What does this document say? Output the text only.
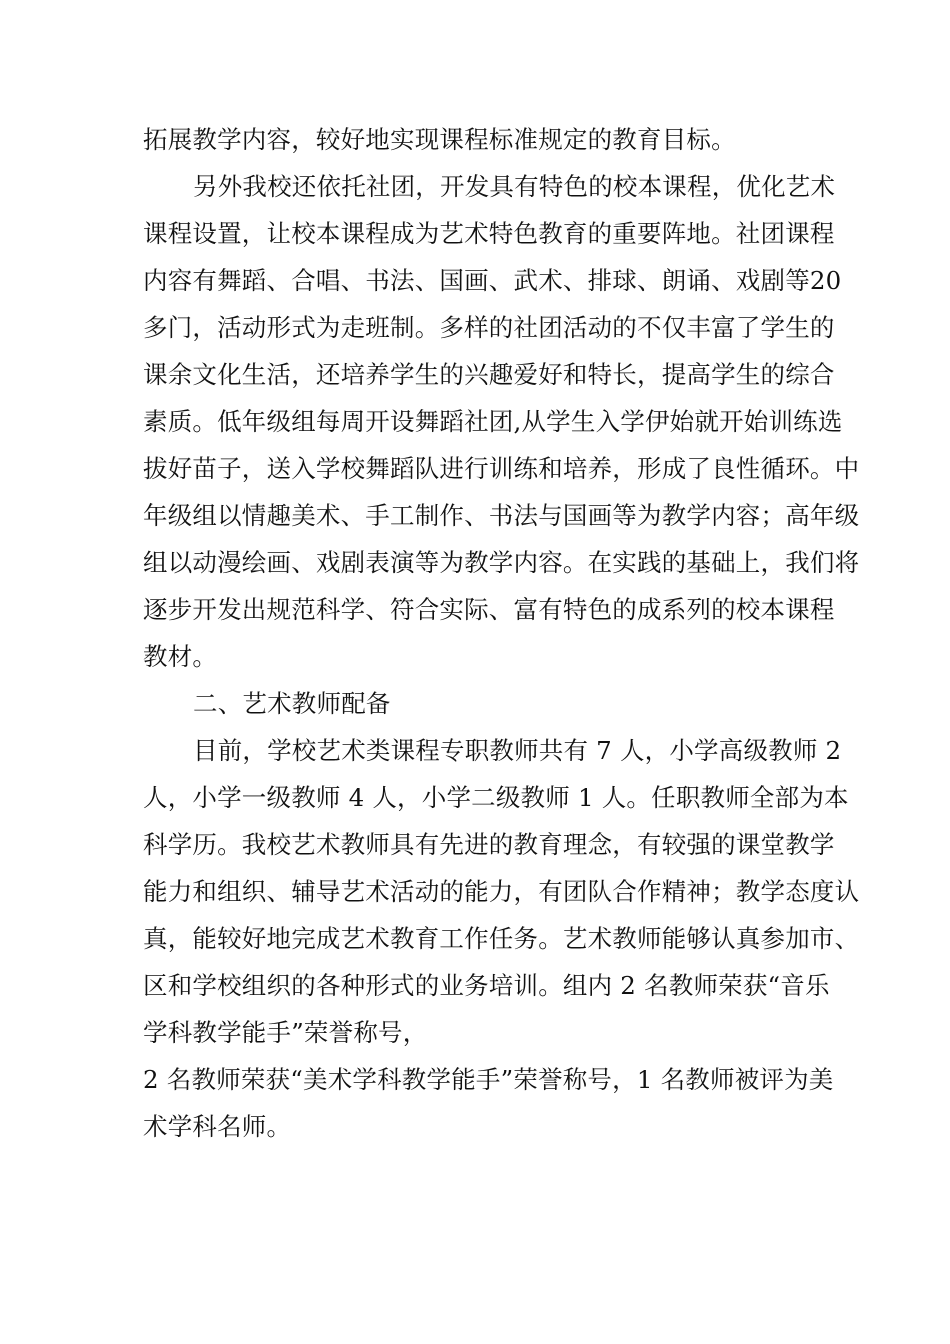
拓展教学内容，较好地实现课程标准规定的教育目标。
另外我校还依托社团，开发具有特色的校本课程，优化艺术
课程设置，让校本课程成为艺术特色教育的重要阵地。社团课程
内容有舞蹈、合唱、书法、国画、武术、排球、朗诵、戏剧等20
多门，活动形式为走班制。多样的社团活动的不仅丰富了学生的
课余文化生活，还培养学生的兴趣爱好和特长，提高学生的综合
素质。低年级组每周开设舞蹈社团,从学生入学伊始就开始训练选
拔好苗子，送入学校舞蹈队进行训练和培养，形成了良性循环。中
年级组以情趣美术、手工制作、书法与国画等为教学内容；高年级
组以动漫绘画、戏剧表演等为教学内容。在实践的基础上，我们将
逐步开发出规范科学、符合实际、富有特色的成系列的校本课程
教材。
二、艺术教师配备
目前，学校艺术类课程专职教师共有 7 人，小学高级教师 2
人，小学一级教师 4 人，小学二级教师 1 人。任职教师全部为本
科学历。我校艺术教师具有先进的教育理念，有较强的课堂教学
能力和组织、辅导艺术活动的能力，有团队合作精神；教学态度认
真，能较好地完成艺术教育工作任务。艺术教师能够认真参加市、
区和学校组织的各种形式的业务培训。组内 2 名教师荣获“音乐
学科教学能手”荣誉称号，
2 名教师荣获“美术学科教学能手”荣誉称号，1 名教师被评为美
术学科名师。
